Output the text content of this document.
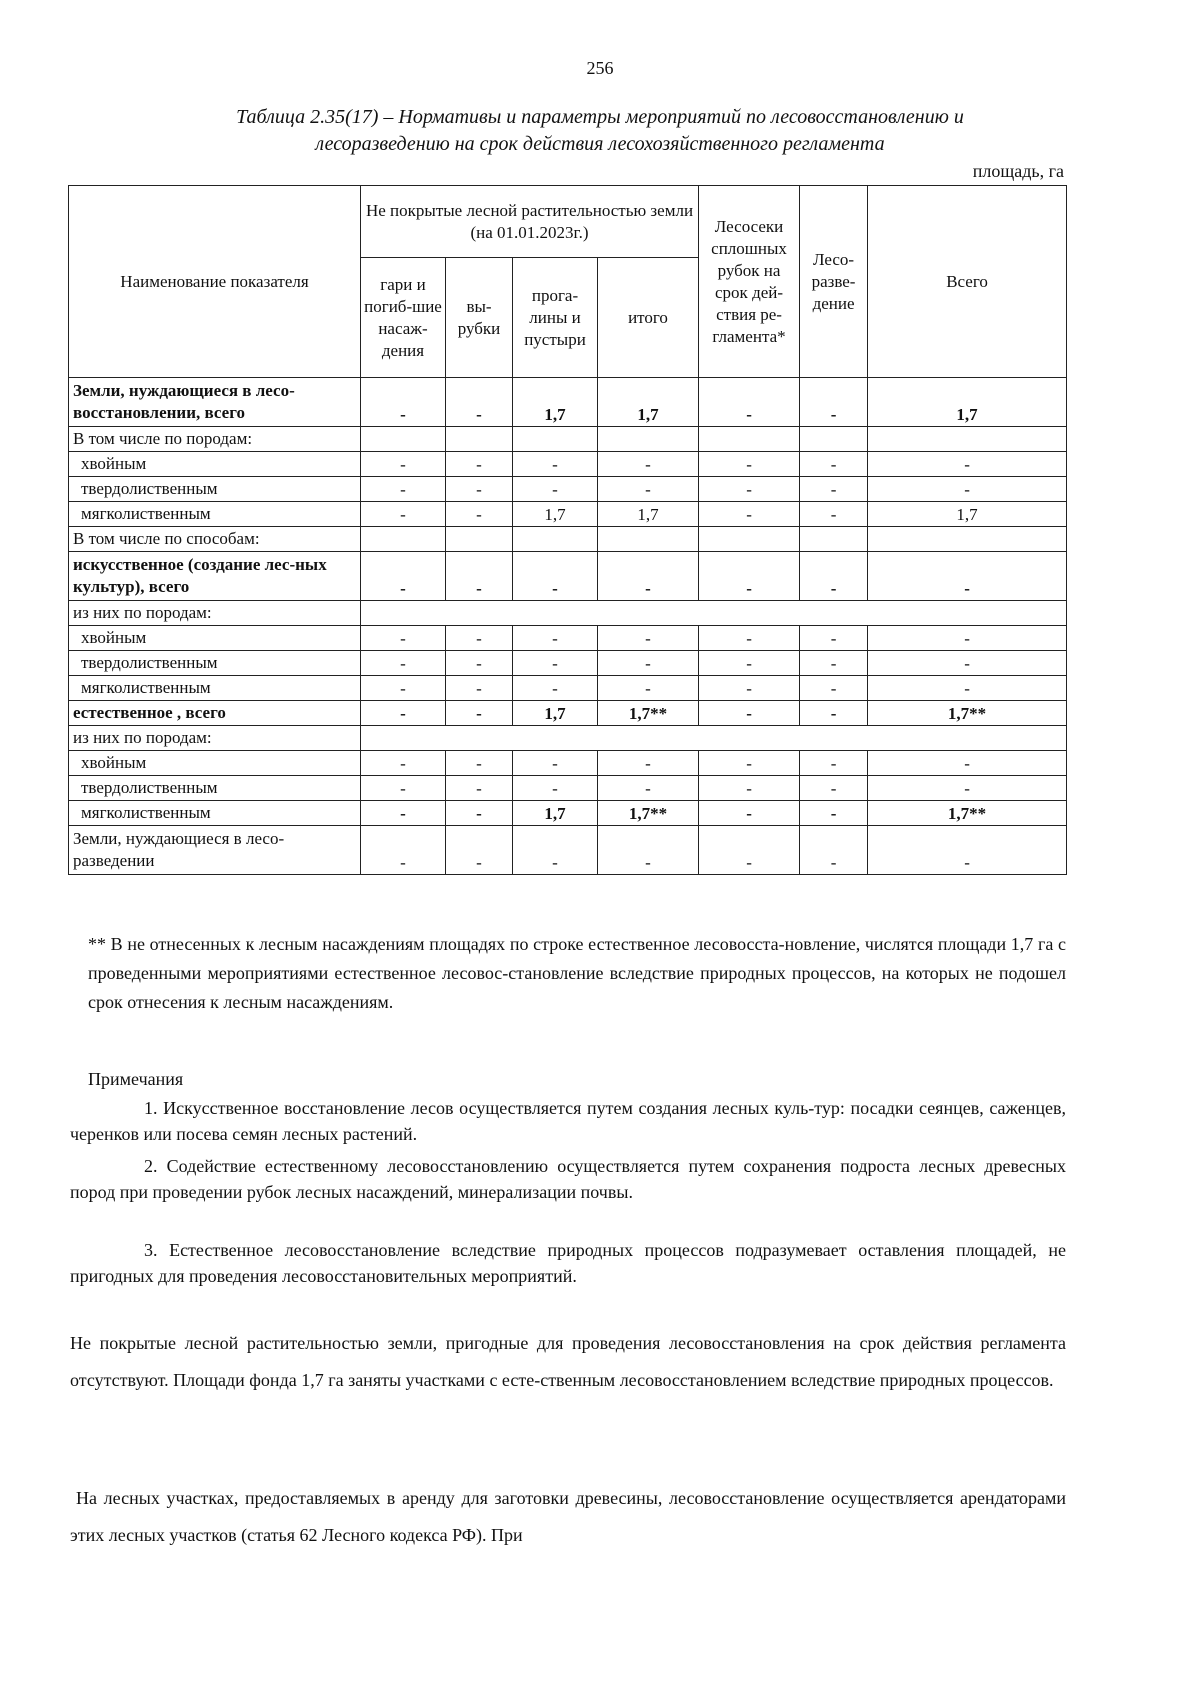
256
Таблица 2.35(17) – Нормативы и параметры мероприятий по лесовосстановлению и
лесоразведению на срок действия лесохозяйственного регламента
площадь, га
Наименование показателя	Не покрытые лесной растительностью земли (на 01.01.2023г.)				Лесосеки сплошных рубок на срок дей-ствия ре-гламента*	Лесо-разве-дение	Всего
	гари и погиб-шие насаж-дения	вы-рубки	прога-лины и пустыри	итого			
Земли, нуждающиеся в лесо-восстановлении, всего	-	-	1,7	1,7	-	-	1,7
В том числе по породам:							
хвойным	-	-	-	-	-	-	-
твердолиственным	-	-	-	-	-	-	-
мягколиственным	-	-	1,7	1,7	-	-	1,7
В том числе по способам:							
искусственное (создание лес-ных культур), всего	-	-	-	-	-	-	-
из них по породам:							
хвойным	-	-	-	-	-	-	-
твердолиственным	-	-	-	-	-	-	-
мягколиственным	-	-	-	-	-	-	-
естественное , всего	-	-	1,7	1,7**	-	-	1,7**
из них по породам:							
хвойным	-	-	-	-	-	-	-
твердолиственным	-	-	-	-	-	-	-
мягколиственным	-	-	1,7	1,7**	-	-	1,7**
Земли, нуждающиеся в лесо-разведении	-	-	-	-	-	-	-
** В не отнесенных к лесным насаждениям площадях по строке естественное лесовосста-новление, числятся площади 1,7 га с проведенными мероприятиями естественное лесовос-становление вследствие природных процессов, на которых не подошел срок отнесения к лесным насаждениям.
Примечания
1. Искусственное восстановление лесов осуществляется путем создания лесных куль-тур: посадки сеянцев, саженцев, черенков или посева семян лесных растений.
2. Содействие естественному лесовосстановлению осуществляется путем сохранения подроста лесных древесных пород при проведении рубок лесных насаждений, минерализации почвы.
3. Естественное лесовосстановление вследствие природных процессов подразумевает оставления площадей, не пригодных для проведения лесовосстановительных мероприятий.
Не покрытые лесной растительностью земли, пригодные для проведения лесовосстановления на срок действия регламента отсутствуют. Площади фонда 1,7 га заняты участками с есте-ственным лесовосстановлением вследствие природных процессов.
На лесных участках, предоставляемых в аренду для заготовки древесины, лесовосстановление осуществляется арендаторами этих лесных участков (статья 62 Лесного кодекса РФ). При
